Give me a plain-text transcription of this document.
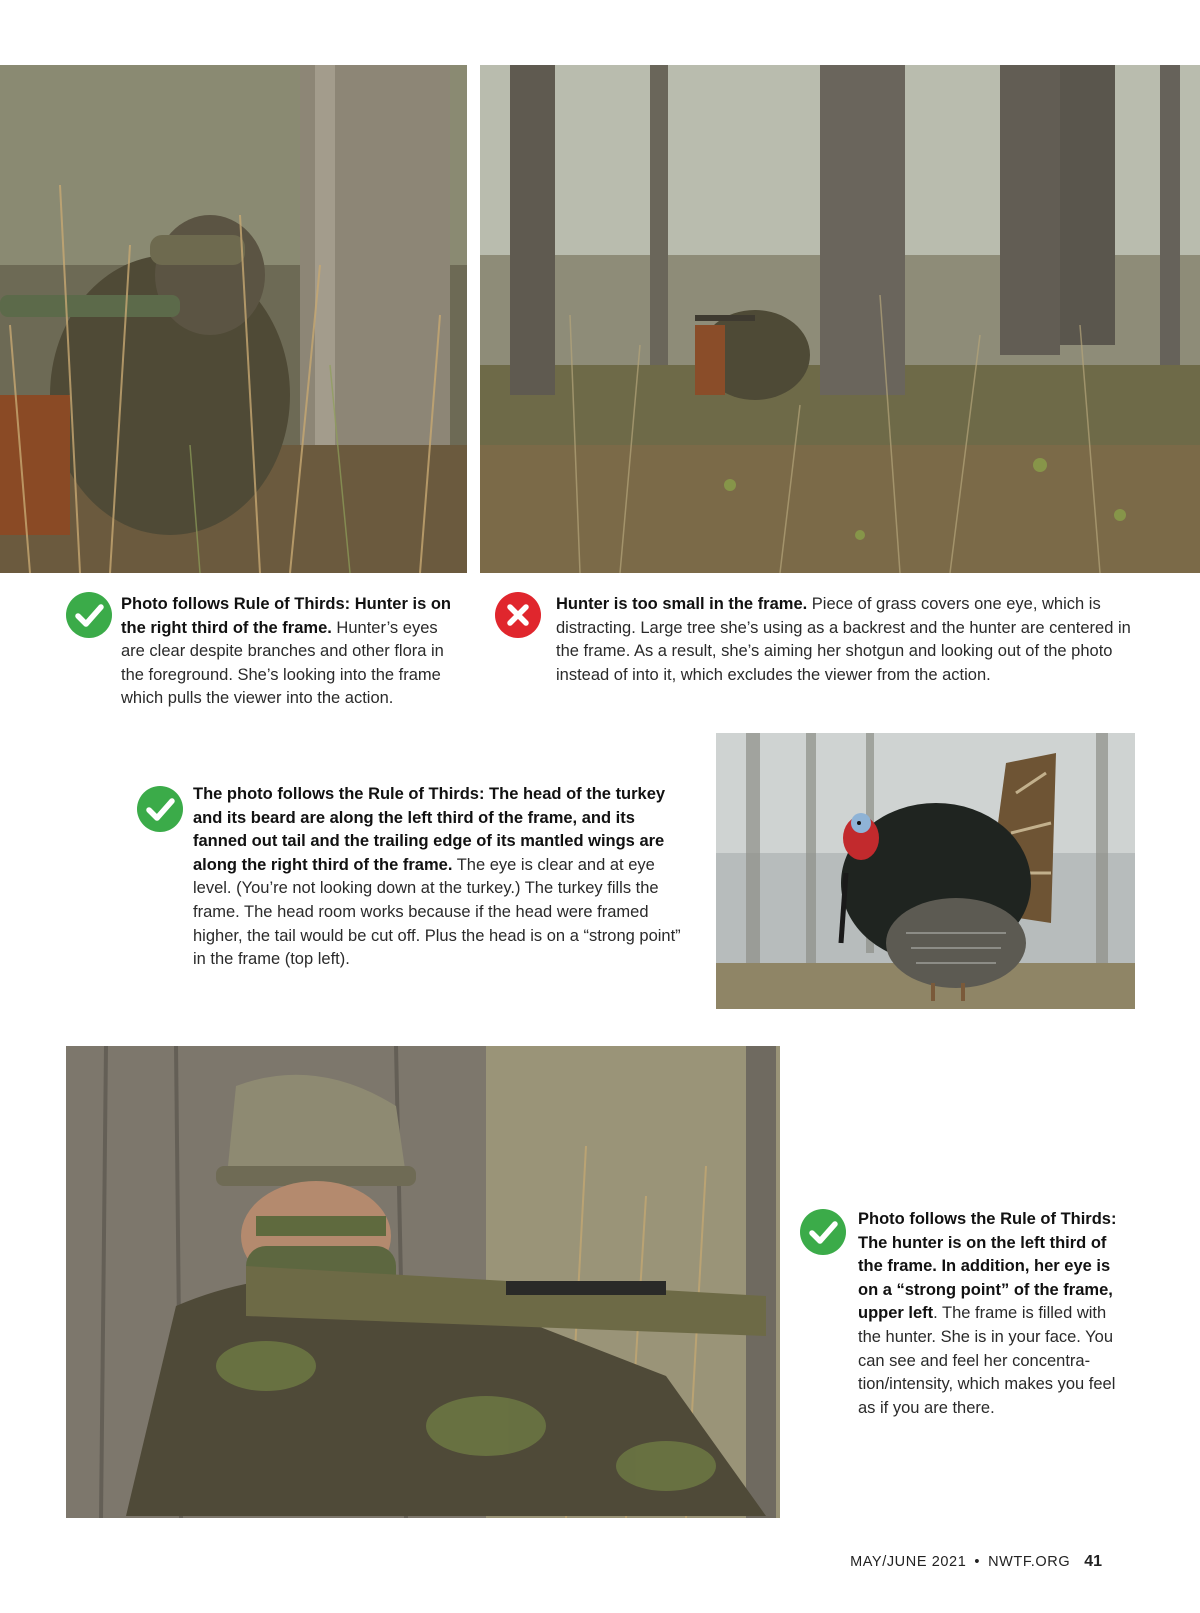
Photo follows Rule of Thirds: Hunter is on the right third of the frame. Hunter’s eyes are clear despite branches and other flora in the foreground. She’s looking into the frame which pulls the viewer into the action.
Hunter is too small in the frame. Piece of grass covers one eye, which is distracting. Large tree she’s using as a backrest and the hunter are centered in the frame. As a result, she’s aiming her shotgun and looking out of the photo instead of into it, which excludes the viewer from the action.
The photo follows the Rule of Thirds: The head of the turkey and its beard are along the left third of the frame, and its fanned out tail and the trailing edge of its mantled wings are along the right third of the frame. The eye is clear and at eye level. (You’re not looking down at the turkey.) The turkey fills the frame. The head room works because if the head were framed higher, the tail would be cut off. Plus the head is on a “strong point” in the frame (top left).
Photo follows the Rule of Thirds: The hunter is on the left third of the frame. In addition, her eye is on a “strong point” of the frame, upper left. The frame is filled with the hunter. She is in your face. You can see and feel her concentra-tion/intensity, which makes you feel as if you are there.
MAY/JUNE 2021 • NWTF.ORG 41
